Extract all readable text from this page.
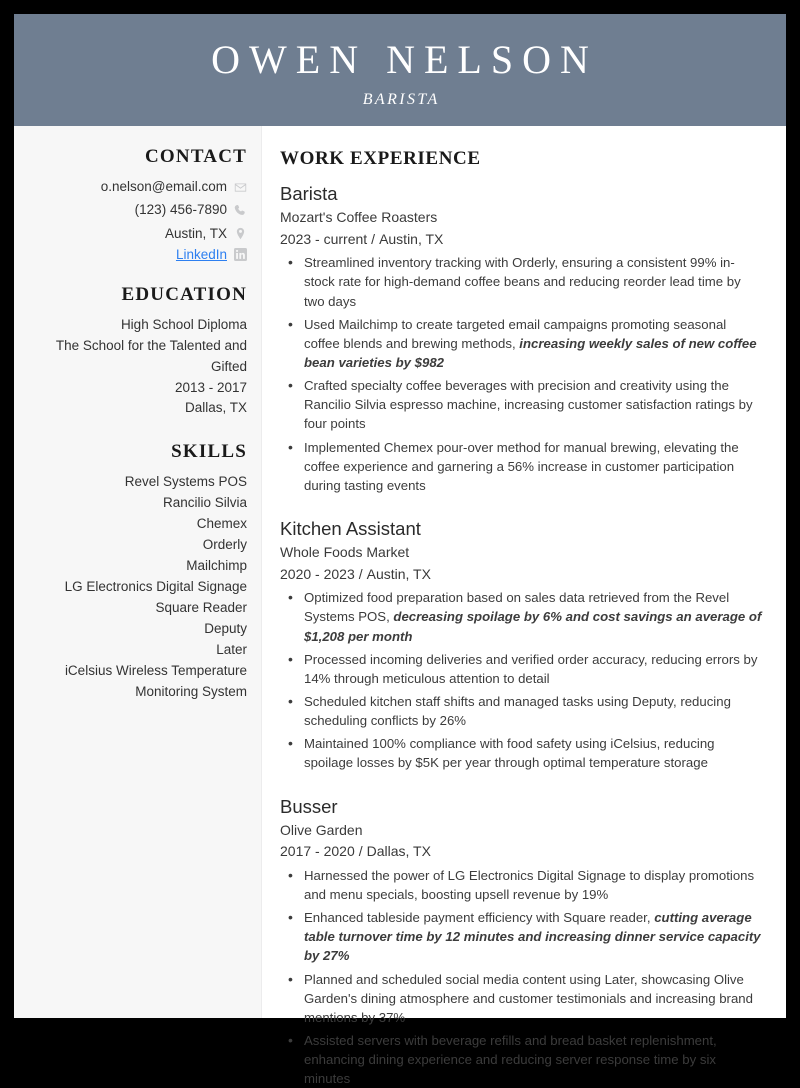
OWEN NELSON
BARISTA
CONTACT
o.nelson@email.com
(123) 456-7890
Austin, TX
LinkedIn
EDUCATION
High School Diploma
The School for the Talented and Gifted
2013 - 2017
Dallas, TX
SKILLS
Revel Systems POS
Rancilio Silvia
Chemex
Orderly
Mailchimp
LG Electronics Digital Signage
Square Reader
Deputy
Later
iCelsius Wireless Temperature Monitoring System
WORK EXPERIENCE
Barista
Mozart's Coffee Roasters
2023 - current / Austin, TX
• Streamlined inventory tracking with Orderly, ensuring a consistent 99% in-stock rate for high-demand coffee beans and reducing reorder lead time by two days
• Used Mailchimp to create targeted email campaigns promoting seasonal coffee blends and brewing methods, increasing weekly sales of new coffee bean varieties by $982
• Crafted specialty coffee beverages with precision and creativity using the Rancilio Silvia espresso machine, increasing customer satisfaction ratings by four points
• Implemented Chemex pour-over method for manual brewing, elevating the coffee experience and garnering a 56% increase in customer participation during tasting events
Kitchen Assistant
Whole Foods Market
2020 - 2023 / Austin, TX
• Optimized food preparation based on sales data retrieved from the Revel Systems POS, decreasing spoilage by 6% and cost savings an average of $1,208 per month
• Processed incoming deliveries and verified order accuracy, reducing errors by 14% through meticulous attention to detail
• Scheduled kitchen staff shifts and managed tasks using Deputy, reducing scheduling conflicts by 26%
• Maintained 100% compliance with food safety using iCelsius, reducing spoilage losses by $5K per year through optimal temperature storage
Busser
Olive Garden
2017 - 2020 / Dallas, TX
• Harnessed the power of LG Electronics Digital Signage to display promotions and menu specials, boosting upsell revenue by 19%
• Enhanced tableside payment efficiency with Square reader, cutting average table turnover time by 12 minutes and increasing dinner service capacity by 27%
• Planned and scheduled social media content using Later, showcasing Olive Garden's dining atmosphere and customer testimonials and increasing brand mentions by 37%
• Assisted servers with beverage refills and bread basket replenishment, enhancing dining experience and reducing server response time by six minutes
